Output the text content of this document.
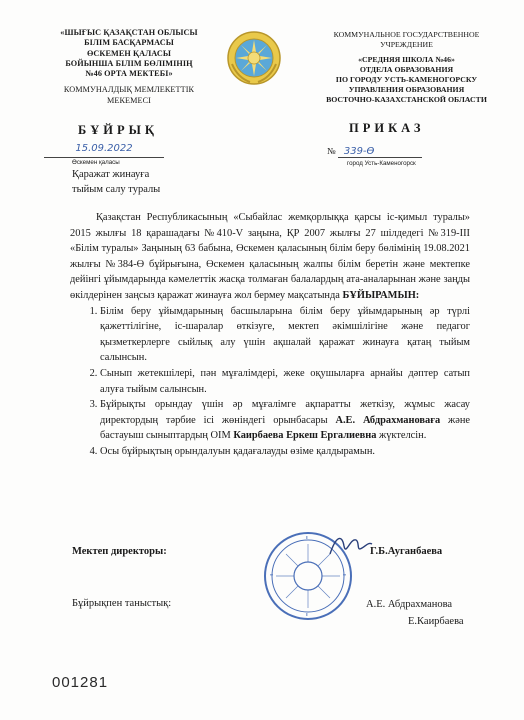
«ШЫҒЫС ҚАЗАҚСТАН ОБЛЫСЫ
БІЛІМ БАСҚАРМАСЫ
ӨСКЕМЕН ҚАЛАСЫ
БОЙЫНША БІЛІМ БӨЛІМІНІҢ
№46 ОРТА МЕКТЕБІ»
КОММУНАЛДЫҚ МЕМЛЕКЕТТІК
МЕКЕМЕСІ
КОММУНАЛЬНОЕ ГОСУДАРСТВЕННОЕ
УЧРЕЖДЕНИЕ
«СРЕДНЯЯ ШКОЛА №46»
ОТДЕЛА ОБРАЗОВАНИЯ
ПО ГОРОДУ УСТЬ-КАМЕНОГОРСКУ
УПРАВЛЕНИЯ ОБРАЗОВАНИЯ
ВОСТОЧНО-КАЗАХСТАНСКОЙ ОБЛАСТИ
БҰЙРЫҚ	ПРИКАЗ
15.09.2022
Өскемен қаласы
№ 339-Ө
город Усть-Каменогорск
Қаражат жинауға
тыйым салу туралы

Қазақстан Республикасының «Сыбайлас жемқорлыққа қарсы іс-қимыл туралы» 2015 жылғы 18 қарашадағы №410-V заңына, ҚР 2007 жылғы 27 шілдедегі №319-ІІІ «Білім туралы» Заңының 63 бабына, Өскемен қаласының білім беру бөлімінің 19.08.2021 жылғы №384-Ө бұйрығына, Өскемен қаласының жалпы білім беретін және мектепке дейінгі ұйымдарында кәмелеттік жасқа толмаған балалардың ата-аналарынан және заңды өкілдерінен заңсыз қаражат жинауға жол бермеу мақсатында БҰЙЫРАМЫН:

1. Білім беру ұйымдарының басшыларына білім беру ұйымдарының әр түрлі қажеттілігіне, іс-шаралар өткізуге, мектеп әкімшілігіне және педагог қызметкерлерге сыйлық алу үшін ақшалай қаражат жинауға қатаң тыйым салынсын.
2. Сынып жетекшілері, пән мұғалімдері, жеке оқушыларға арнайы дәптер сатып алуға тыйым салынсын.
3. Бұйрықты орындау үшін әр мұғалімге ақпаратты жеткізу, жұмыс жасау директордың тәрбие ісі жөніндегі орынбасары А.Е. Абдрахмановаға және бастауыш сыныптардың ОІМ Каирбаева Еркеш Ергалиевна жүктелсін.
4. Осы бұйрықтың орындалуын қадағалауды өзіме қалдырамын.
Мектеп директоры:	Г.Б.Ауганбаева
Бұйрықпен таныстық:	А.Е. Абдрахманова
Е.Каирбаева
001281
